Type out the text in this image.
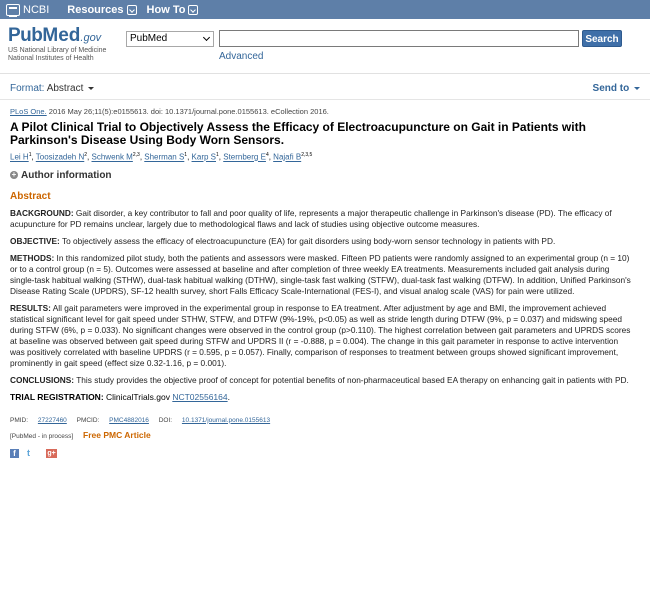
NCBI Resources How To
PubMed.gov
US National Library of Medicine
National Institutes of Health
PubMed	Search
Advanced
Format: Abstract	Send to
PLoS One. 2016 May 26;11(5):e0155613. doi: 10.1371/journal.pone.0155613. eCollection 2016.
A Pilot Clinical Trial to Objectively Assess the Efficacy of Electroacupuncture on Gait in Patients with Parkinson's Disease Using Body Worn Sensors.
Lei $H^1$, Toosizadeh $N^2$, Schwenk M$^{2,3}$, Sherman $S^1$, Karp $S^1$, Sternberg $E^4$, Najafi B$^{2,3,5}$
+ Author information
Abstract
BACKGROUND: Gait disorder, a key contributor to fall and poor quality of life, represents a major therapeutic challenge in Parkinson's disease (PD). The efficacy of acupuncture for PD remains unclear, largely due to methodological flaws and lack of studies using objective outcome measures.
OBJECTIVE: To objectively assess the efficacy of electroacupuncture (EA) for gait disorders using body-worn sensor technology in patients with PD.
METHODS: In this randomized pilot study, both the patients and assessors were masked. Fifteen PD patients were randomly assigned to an experimental group (n = 10) or to a control group (n = 5). Outcomes were assessed at baseline and after completion of three weekly EA treatments. Measurements included gait analysis during single-task habitual walking (STHW), dual-task habitual walking (DTHW), single-task fast walking (STFW), dual-task fast walking (DTFW). In addition, Unified Parkinson's Disease Rating Scale (UPDRS), SF-12 health survey, short Falls Efficacy Scale-International (FES-I), and visual analog scale (VAS) for pain were utilized.
RESULTS: All gait parameters were improved in the experimental group in response to EA treatment. After adjustment by age and BMI, the improvement achieved statistical significant level for gait speed under STHW, STFW, and DTFW (9%-19%, p<0.05) as well as stride length during DTFW (9%, p = 0.037) and midswing speed during STFW (6%, p = 0.033). No significant changes were observed in the control group (p>0.110). The highest correlation between gait parameters and UPRDS scores at baseline was observed between gait speed during STFW and UPDRS II (r = -0.888, p = 0.004). The change in this gait parameter in response to active intervention was positively correlated with baseline UPDRS (r = 0.595, p = 0.057). Finally, comparison of responses to treatment between groups showed significant improvement, prominently in gait speed (effect size 0.32-1.16, p = 0.001).
CONCLUSIONS: This study provides the objective proof of concept for potential benefits of non-pharmaceutical based EA therapy on enhancing gait in patients with PD.
TRIAL REGISTRATION: ClinicalTrials.gov NCT02556164.
PMID: 27227460 PMCID: PMC4882016 DOI: 10.1371/journal.pone.0155613
[PubMed - in process] Free PMC Article
f	t	g+
